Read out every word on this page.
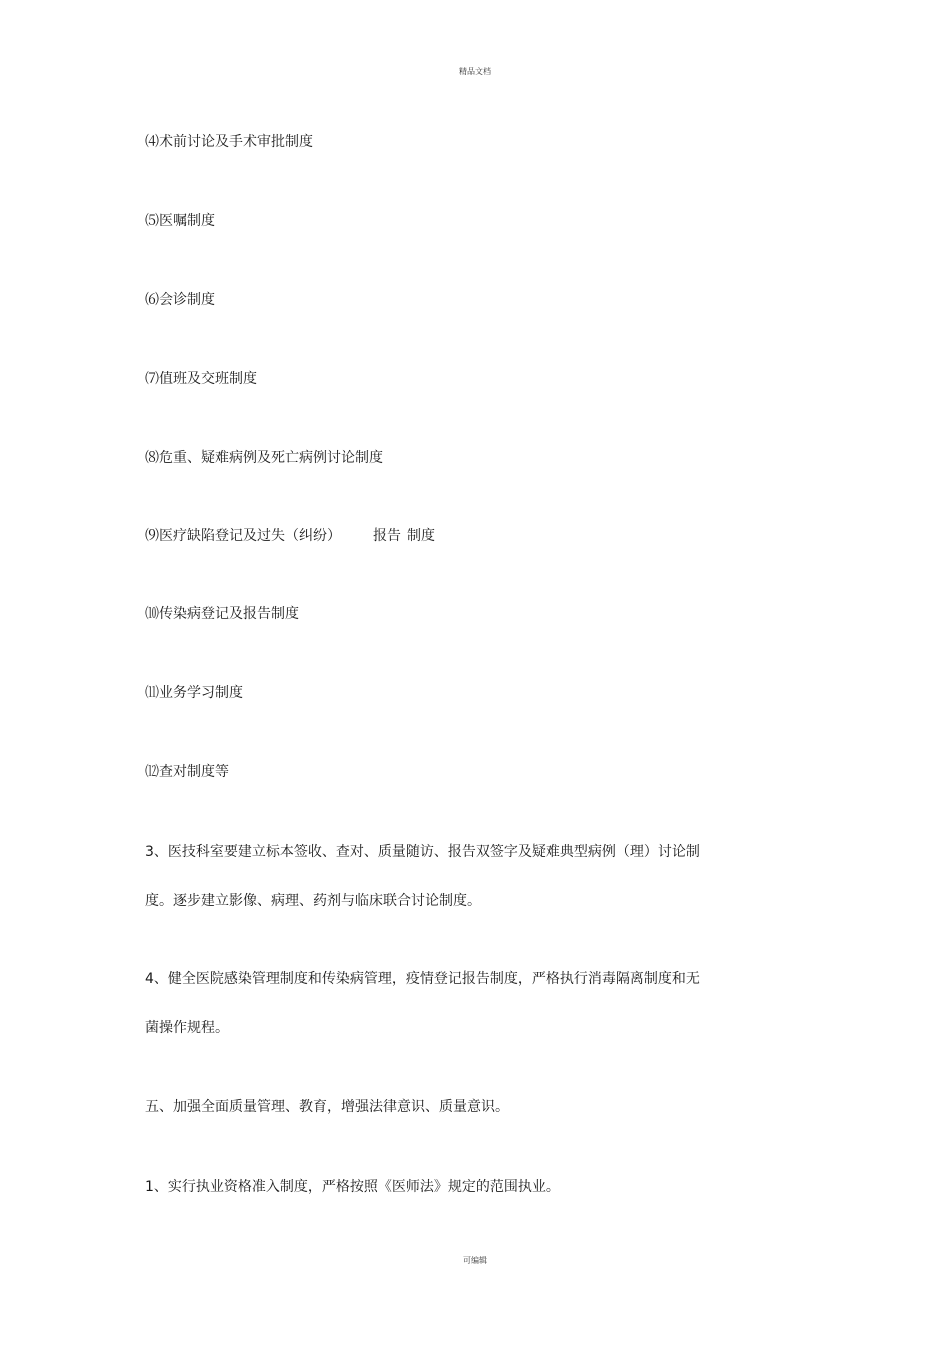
精品文档
⑷术前讨论及手术审批制度
⑸医嘱制度
⑹会诊制度
⑺值班及交班制度
⑻危重、疑难病例及死亡病例讨论制度
⑼医疗缺陷登记及过失（纠纷） 报告 制度
⑽传染病登记及报告制度
⑾业务学习制度
⑿查对制度等
3、医技科室要建立标本签收、查对、质量随访、报告双签字及疑难典型病例（理）讨论制
度。逐步建立影像、病理、药剂与临床联合讨论制度。
4、健全医院感染管理制度和传染病管理，疫情登记报告制度，严格执行消毒隔离制度和无
菌操作规程。
五、加强全面质量管理、教育，增强法律意识、质量意识。
1、实行执业资格准入制度，严格按照《医师法》规定的范围执业。
可编辑
